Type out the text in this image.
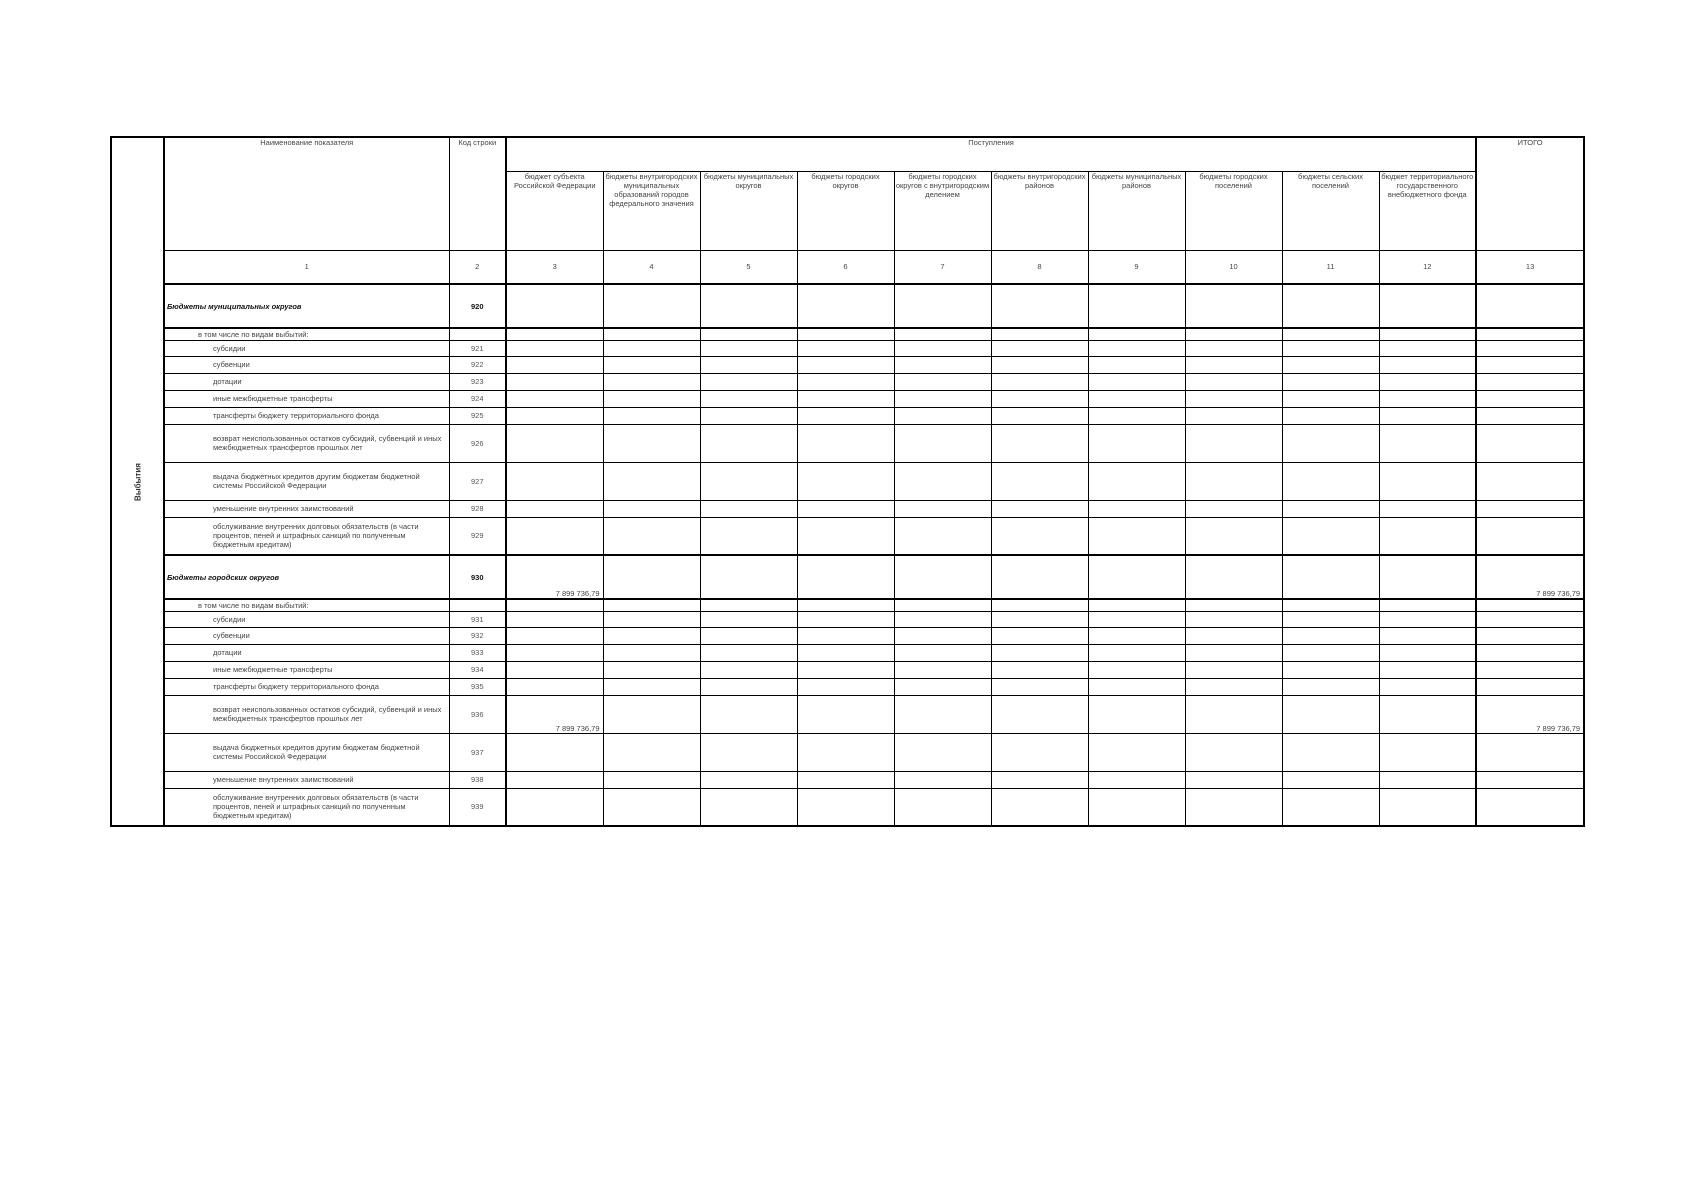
Выбытия	Наименование показателя	Код строки	Поступления										ИТОГО
			бюджет субъекта Российской Федерации	бюджеты внутригородских муниципальных образований городов федерального значения	бюджеты муниципальных округов	бюджеты городских округов	бюджеты городских округов с внутригородским делением	бюджеты внутригородских районов	бюджеты муниципальных районов	бюджеты городских поселений	бюджеты сельских поселений	бюджет территориального государственного внебюджетного фонда	
	1	2	3	4	5	6	7	8	9	10	11	12	13
	Бюджеты муниципальных округов	920											
	в том числе по видам выбытий:												
	субсидии	921											
	субвенции	922											
	дотации	923											
	иные межбюджетные трансферты	924											
	трансферты бюджету территориального фонда	925											
	возврат неиспользованных остатков субсидий, субвенций и иных межбюджетных трансфертов прошлых лет	926											
	выдача бюджетных кредитов другим бюджетам бюджетной системы Российской Федерации	927											
	уменьшение внутренних заимствований	928											
	обслуживание внутренних долговых обязательств (в части процентов, пеней и штрафных санкций по полученным бюджетным кредитам)	929											
	Бюджеты городских округов	930	7 899 736,79										7 899 736,79
	в том числе по видам выбытий:												
	субсидии	931											
	субвенции	932											
	дотации	933											
	иные межбюджетные трансферты	934											
	трансферты бюджету территориального фонда	935											
	возврат неиспользованных остатков субсидий, субвенций и иных межбюджетных трансфертов прошлых лет	936	7 899 736,79										7 899 736,79
	выдача бюджетных кредитов другим бюджетам бюджетной системы Российской Федерации	937											
	уменьшение внутренних заимствований	938											
	обслуживание внутренних долговых обязательств (в части процентов, пеней и штрафных санкций по полученным бюджетным кредитам)	939											
